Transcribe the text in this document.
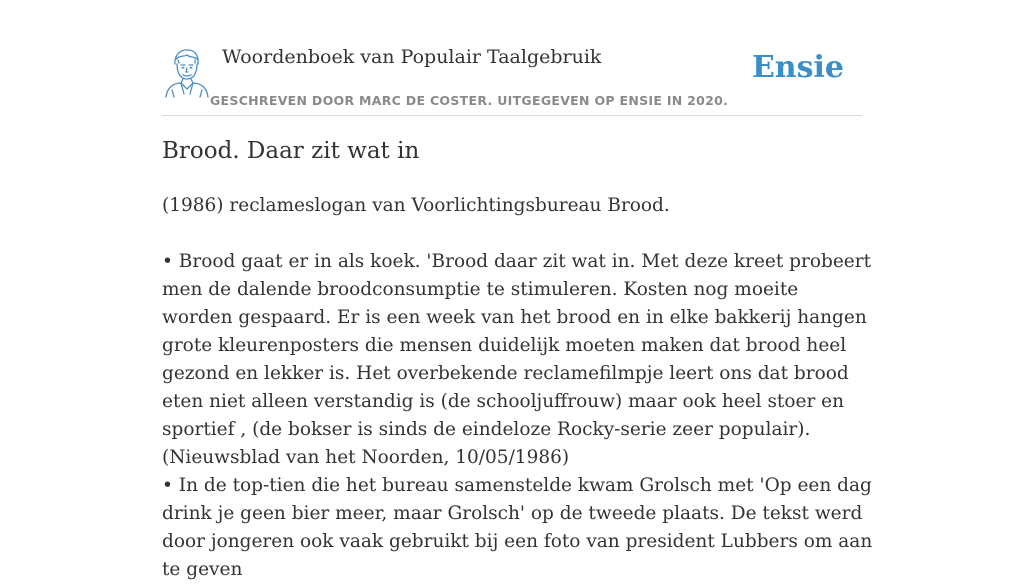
Woordenboek van Populair Taalgebruik
GESCHREVEN DOOR MARC DE COSTER. UITGEGEVEN OP ENSIE IN 2020.
Ensie
Brood. Daar zit wat in

(1986) reclameslogan van Voorlichtingsbureau Brood.

• Brood gaat er in als koek. 'Brood daar zit wat in. Met deze kreet probeert men de dalende broodconsumptie te stimuleren. Kosten nog moeite worden gespaard. Er is een week van het brood en in elke bakkerij hangen grote kleurenposters die mensen duidelijk moeten maken dat brood heel gezond en lekker is. Het overbekende reclamefilmpje leert ons dat brood eten niet alleen verstandig is (de schooljuffrouw) maar ook heel stoer en sportief , (de bokser is sinds de eindeloze Rocky-serie zeer populair). (Nieuwsblad van het Noorden, 10/05/1986)

• In de top-tien die het bureau samenstelde kwam Grolsch met 'Op een dag drink je geen bier meer, maar Grolsch' op de tweede plaats. De tekst werd door jongeren ook vaak gebruikt bij een foto van president Lubbers om aan te geven
